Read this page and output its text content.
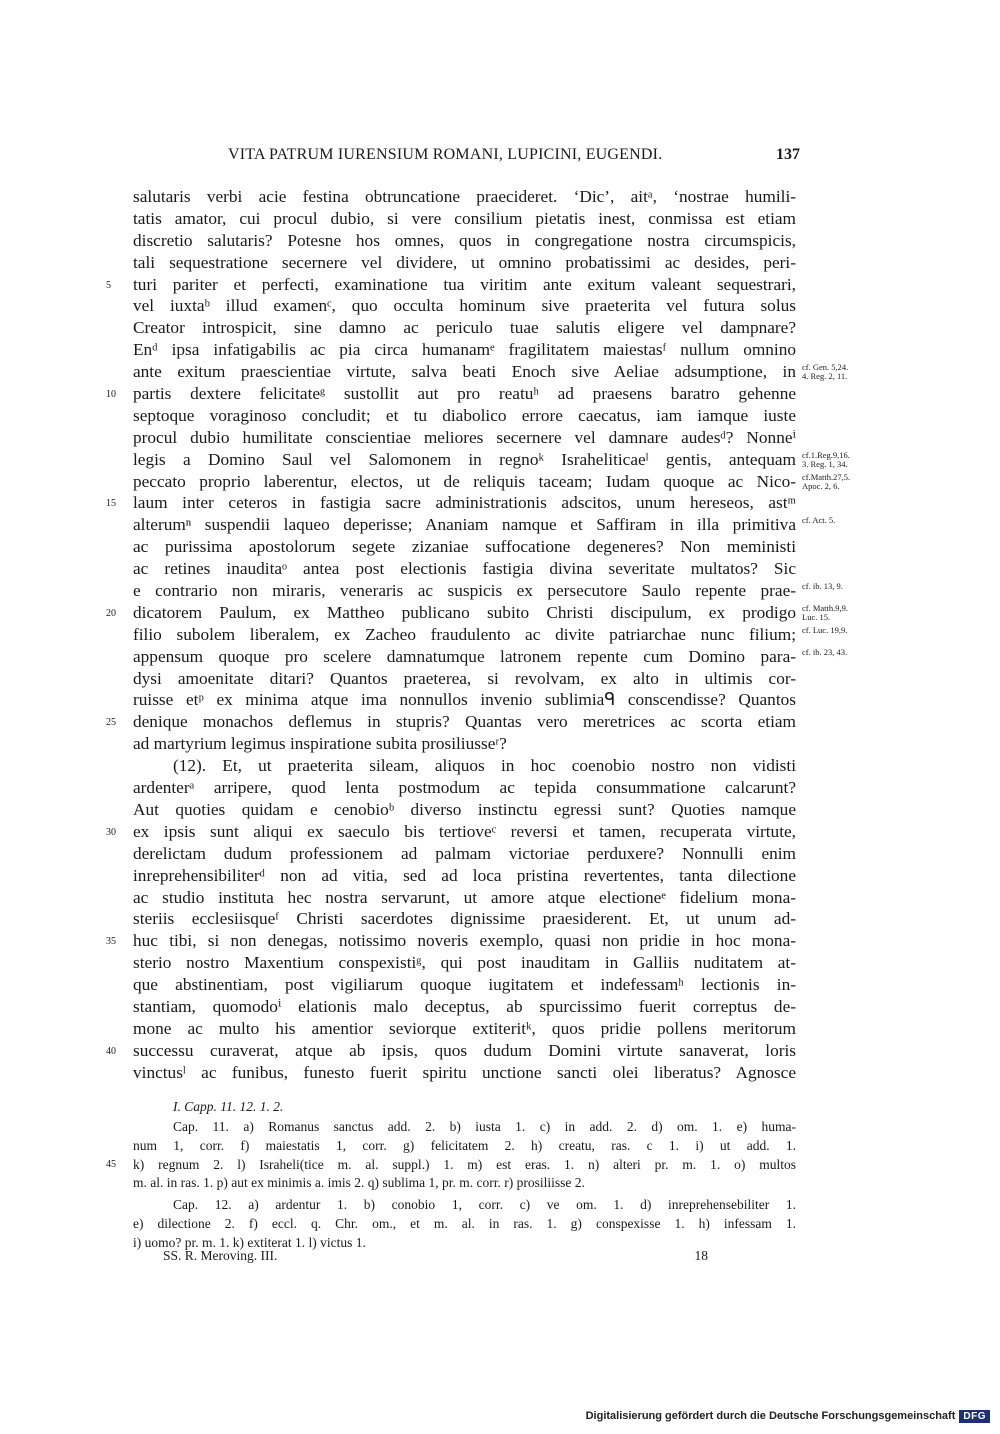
VITA PATRUM IURENSIUM ROMANI, LUPICINI, EUGENDI.	137
salutaris verbi acie festina obtruncatione praecideret. ‘Dic’, aitᵃ, ‘nostrae humili-
tatis amator, cui procul dubio, si vere consilium pietatis inest, conmissa est etiam
discretio salutaris? Potesne hos omnes, quos in congregatione nostra circumspicis,
tali sequestratione secernere vel dividere, ut omnino probatissimi ac desides, peri-
turi pariter et perfecti, examinatione tua viritim ante exitum valeant sequestrari,
5
vel iuxtaᵇ illud examenᶜ, quo occulta hominum sive praeterita vel futura solus
Creator introspicit, sine damno ac periculo tuae salutis eligere vel dampnare?
Enᵈ ipsa infatigabilis ac pia circa humanamᵉ fragilitatem maiestasᶠ nullum omnino
ante exitum praescientiae virtute, salva beati Enoch sive Aeliae adsumptione, in cf. Gen. 5,24.
4. Reg. 2, 11.
partis dextere felicitateᵍ sustollit aut pro reatuʰ ad praesens baratro gehenne
10
septoque voraginoso concludit; et tu diabolico errore caecatus, iam iamque iuste
procul dubio humilitate conscientiae meliores secernere vel damnare audesᵈ? Nonneⁱ
legis a Domino Saul vel Salomonem in regnoᵏ Israheliticaeˡ gentis, antequam cf.1.Reg.9,16.
3. Reg. 1, 34.
peccato proprio laberentur, electos, ut de reliquis taceam; Iudam quoque ac Nico- cf.Matth.27,5.
Apoc. 2, 6.
laum inter ceteros in fastigia sacre administrationis adscitos, unum hereseos, astᵐ
15
alterumⁿ suspendii laqueo deperisse; Ananiam namque et Saffiram in illa primitiva cf. Act. 5.
ac purissima apostolorum segete zizaniae suffocatione degeneres? Non meministi
ac retines inauditaᵒ antea post electionis fastigia divina severitate multatos? Sic
e contrario non miraris, veneraris ac suspicis ex persecutore Saulo repente prae- cf. ib. 13, 9.
dicatorem Paulum, ex Mattheo publicano subito Christi discipulum, ex prodigo
20	cf. Matth.9,9.
Luc. 15.
filio subolem liberalem, ex Zacheo fraudulento ac divite patriarchae nunc filium; cf. Luc. 19,9.
appensum quoque pro scelere damnatumque latronem repente cum Domino para- cf. ib. 23, 43.
dysi amoenitate ditari? Quantos praeterea, si revolvam, ex alto in ultimis cor-
ruisse etᵖ ex minima atque ima nonnullos invenio sublimiaᑫ conscendisse? Quantos
denique monachos deflemus in stupris? Quantas vero meretrices ac scorta etiam
25
ad martyrium legimus inspiratione subita prosiliusseʳ?
(12). Et, ut praeterita sileam, aliquos in hoc coenobio nostro non vidisti
ardenterᵃ arripere, quod lenta postmodum ac tepida consummatione calcarunt?
Aut quoties quidam e cenobioᵇ diverso instinctu egressi sunt? Quoties namque
ex ipsis sunt aliqui ex saeculo bis tertioveᶜ reversi et tamen, recuperata virtute,
30
derelictam dudum professionem ad palmam victoriae perduxere? Nonnulli enim
inreprehensibiliterᵈ non ad vitia, sed ad loca pristina revertentes, tanta dilectione
ac studio instituta hec nostra servarunt, ut amore atque electioneᵉ fidelium mona-
steriis ecclesiisqueᶠ Christi sacerdotes dignissime praesiderent. Et, ut unum ad-
huc tibi, si non denegas, notissimo noveris exemplo, quasi non pridie in hoc mona-
35
sterio nostro Maxentium conspexistiᵍ, qui post inauditam in Galliis nuditatem at-
que abstinentiam, post vigiliarum quoque iugitatem et indefessamʰ lectionis in-
stantiam, quomodoⁱ elationis malo deceptus, ab spurcissimo fuerit correptus de-
mone ac multo his amentior seviorque extiteritᵏ, quos pridie pollens meritorum
successu curaverat, atque ab ipsis, quos dudum Domini virtute sanaverat, loris
40
vinctusˡ ac funibus, funesto fuerit spiritu unctione sancti olei liberatus? Agnosce
I. Capp. 11. 12. 1. 2.
Cap. 11. a) Romanus sanctus add. 2. b) iusta 1. c) in add. 2. d) om. 1. e) huma-
num 1, corr. f) maiestatis 1, corr. g) felicitatem 2. h) creatu, ras. c 1. i) ut add. 1.
k) regnum 2. l) Israheli(tice m. al. suppl.) 1. m) est eras. 1. n) alteri pr. m. 1. o) multos
45
m. al. in ras. 1. p) aut ex minimis a. imis 2. q) sublima 1, pr. m. corr. r) prosiliisse 2.
Cap. 12. a) ardentur 1. b) conobio 1, corr. c) ve om. 1. d) inreprehensebiliter 1.
e) dilectione 2. f) eccl. q. Chr. om., et m. al. in ras. 1. g) conspexisse 1. h) infessam 1.
i) uomo? pr. m. 1. k) extiterat 1. l) victus 1.
SS. R. Meroving. III.	18
Digitalisierung gefördert durch die Deutsche Forschungsgemeinschaft DFG
